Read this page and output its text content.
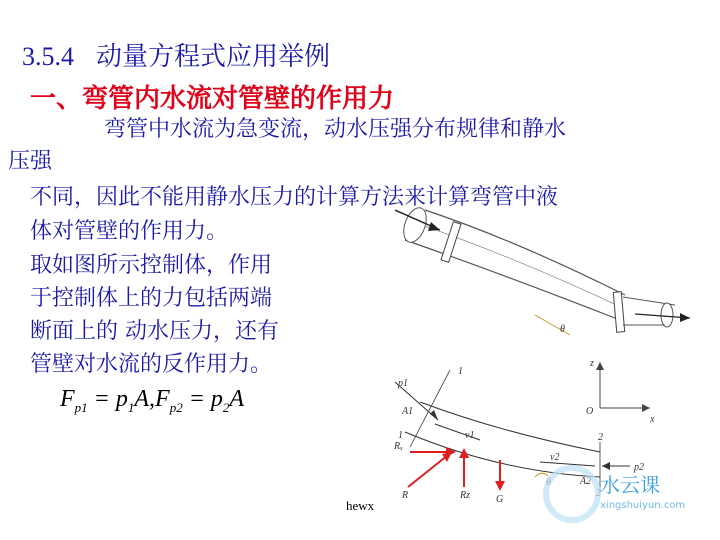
3.5.4 动量方程式应用举例
一、弯管内水流对管壁的作用力
弯管中水流为急变流，动水压强分布规律和静水
压强
不同，因此不能用静水压力的计算方法来计算弯管中液
体对管壁的作用力。
取如图所示控制体，作用
于控制体上的力包括两端
断面上的 动水压力，还有
管壁对水流的反作用力。
$F_{p1} = p_1A,F_{p2} = p_2A$
θ
O
z
x
p1
A1
1
1	v1
v2
2
2
A2
p2
Rₓ
R	Rz	G
θ 水云课
xingshuiyun.com
hewx
